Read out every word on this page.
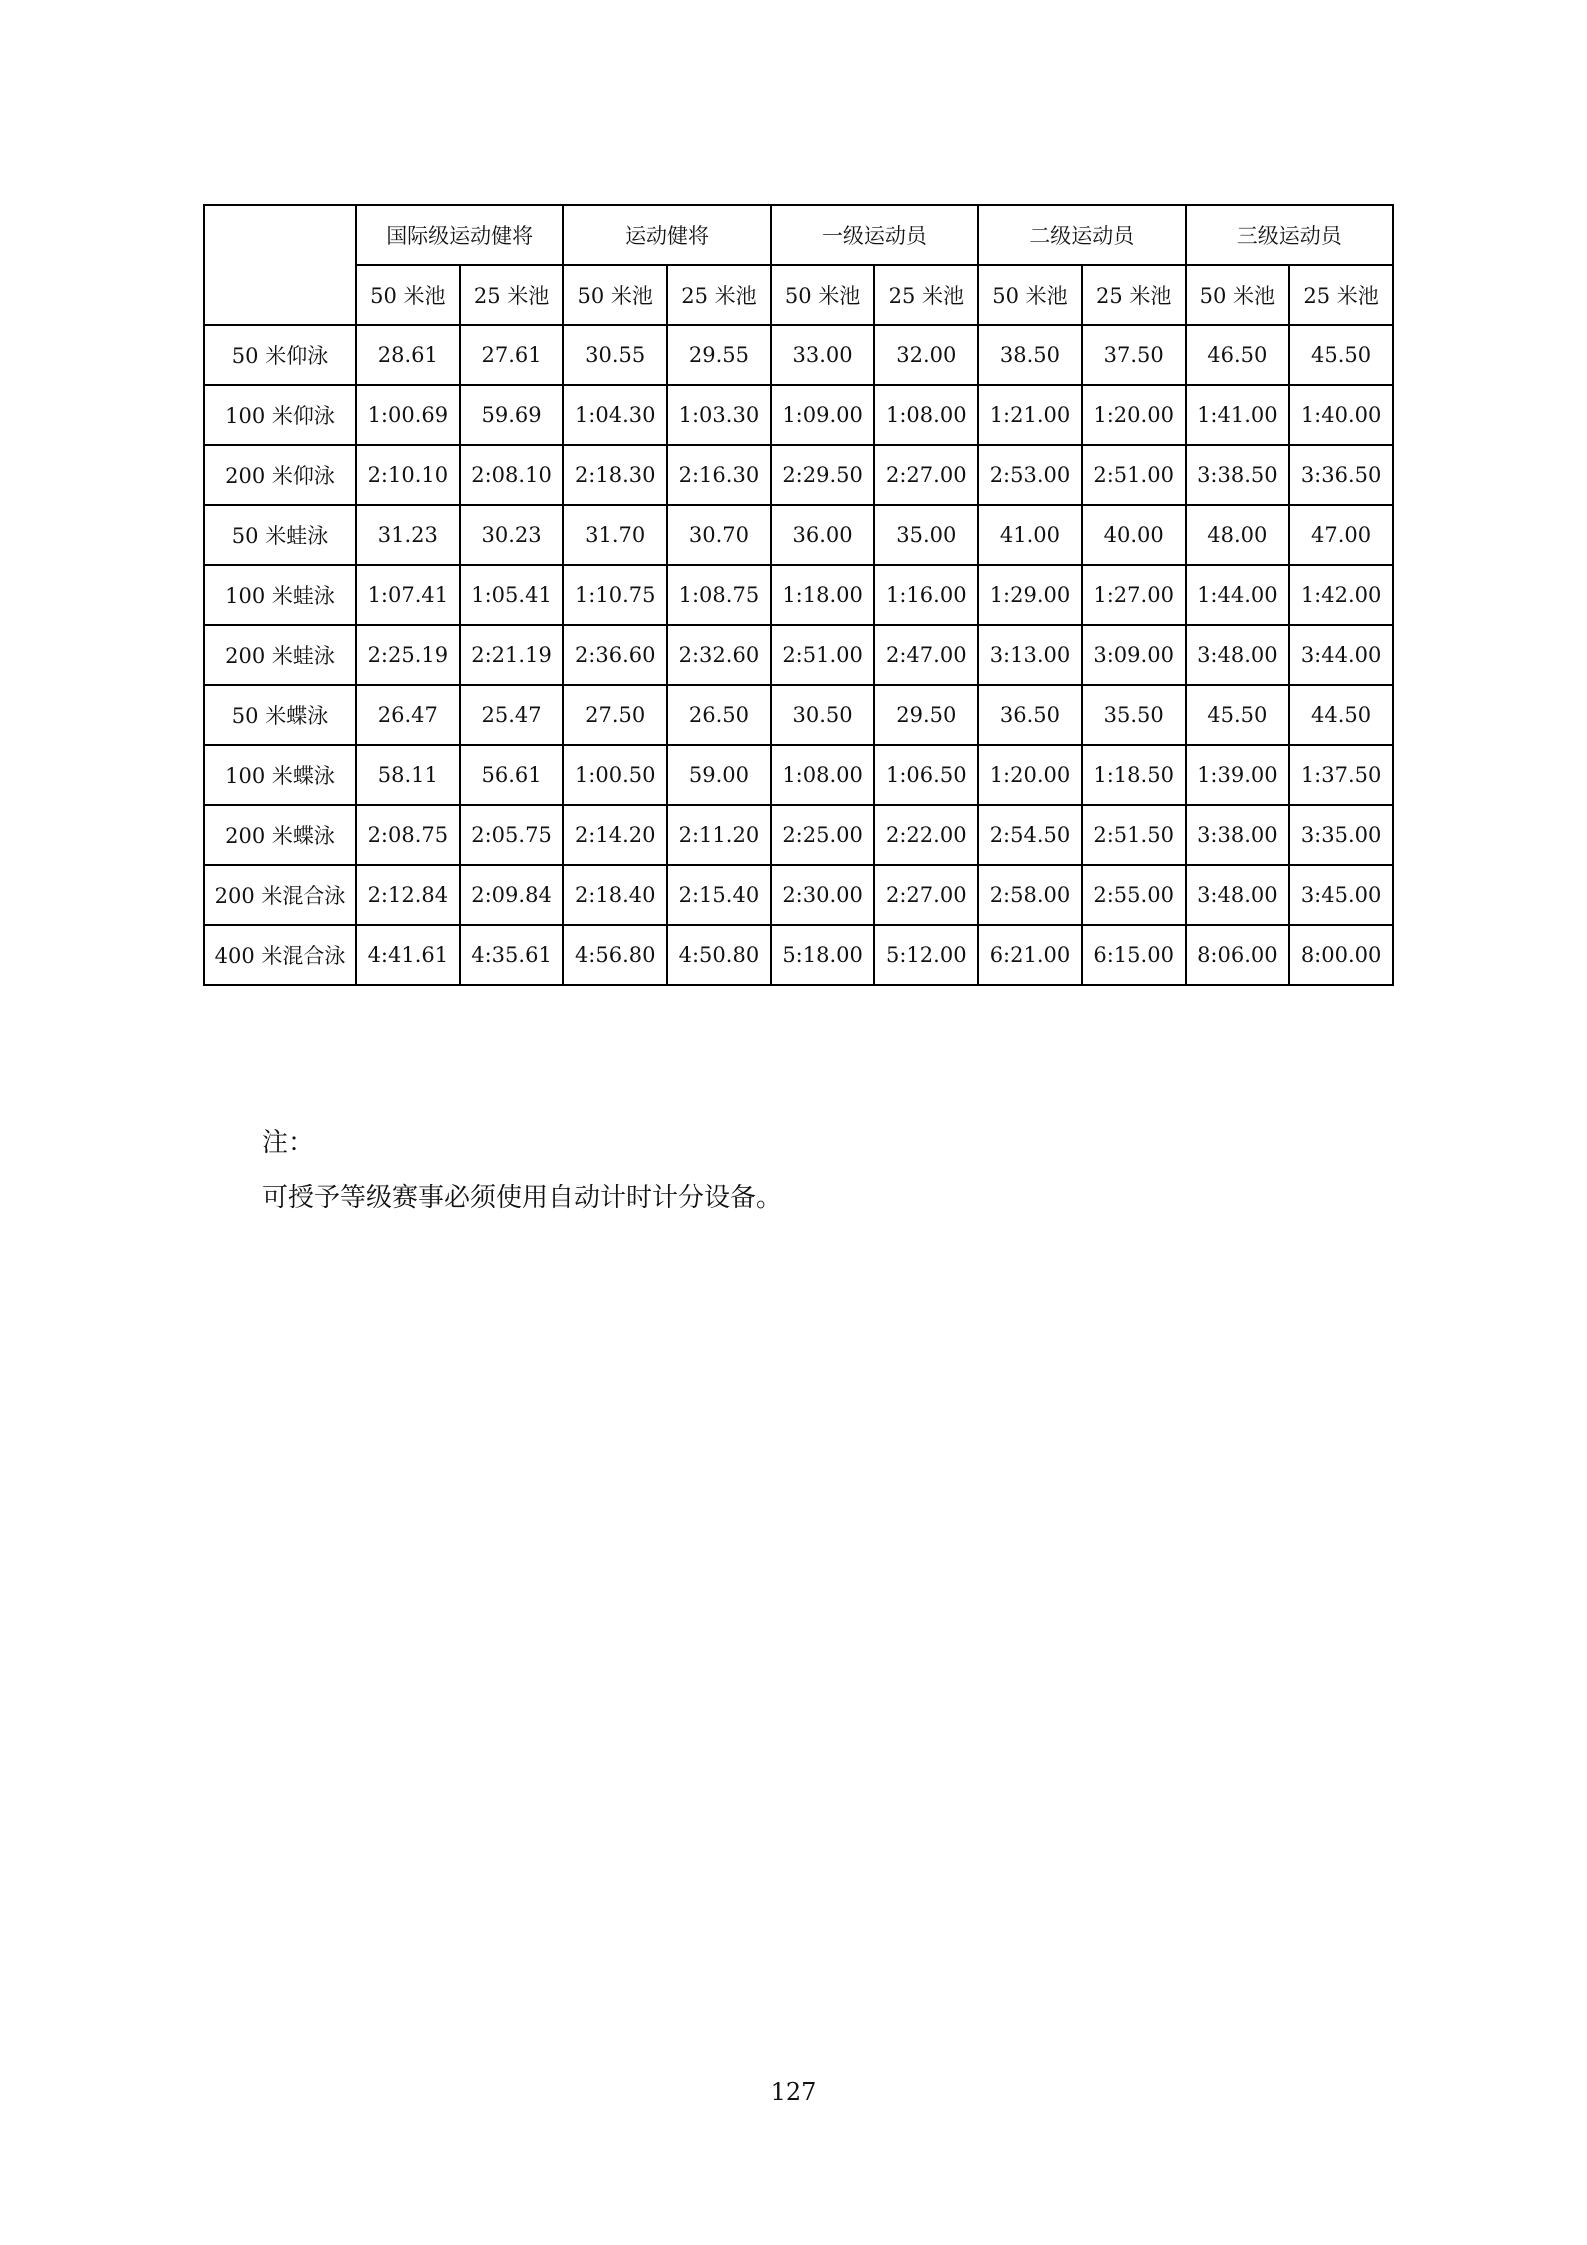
	国际级运动健将		运动健将		一级运动员		二级运动员		三级运动员	
	50 米池	25 米池	50 米池	25 米池	50 米池	25 米池	50 米池	25 米池	50 米池	25 米池
50 米仰泳	28.61	27.61	30.55	29.55	33.00	32.00	38.50	37.50	46.50	45.50
100 米仰泳	1:00.69	59.69	1:04.30	1:03.30	1:09.00	1:08.00	1:21.00	1:20.00	1:41.00	1:40.00
200 米仰泳	2:10.10	2:08.10	2:18.30	2:16.30	2:29.50	2:27.00	2:53.00	2:51.00	3:38.50	3:36.50
50 米蛙泳	31.23	30.23	31.70	30.70	36.00	35.00	41.00	40.00	48.00	47.00
100 米蛙泳	1:07.41	1:05.41	1:10.75	1:08.75	1:18.00	1:16.00	1:29.00	1:27.00	1:44.00	1:42.00
200 米蛙泳	2:25.19	2:21.19	2:36.60	2:32.60	2:51.00	2:47.00	3:13.00	3:09.00	3:48.00	3:44.00
50 米蝶泳	26.47	25.47	27.50	26.50	30.50	29.50	36.50	35.50	45.50	44.50
100 米蝶泳	58.11	56.61	1:00.50	59.00	1:08.00	1:06.50	1:20.00	1:18.50	1:39.00	1:37.50
200 米蝶泳	2:08.75	2:05.75	2:14.20	2:11.20	2:25.00	2:22.00	2:54.50	2:51.50	3:38.00	3:35.00
200 米混合泳	2:12.84	2:09.84	2:18.40	2:15.40	2:30.00	2:27.00	2:58.00	2:55.00	3:48.00	3:45.00
400 米混合泳	4:41.61	4:35.61	4:56.80	4:50.80	5:18.00	5:12.00	6:21.00	6:15.00	8:06.00	8:00.00
注：
可授予等级赛事必须使用自动计时计分设备。
127
